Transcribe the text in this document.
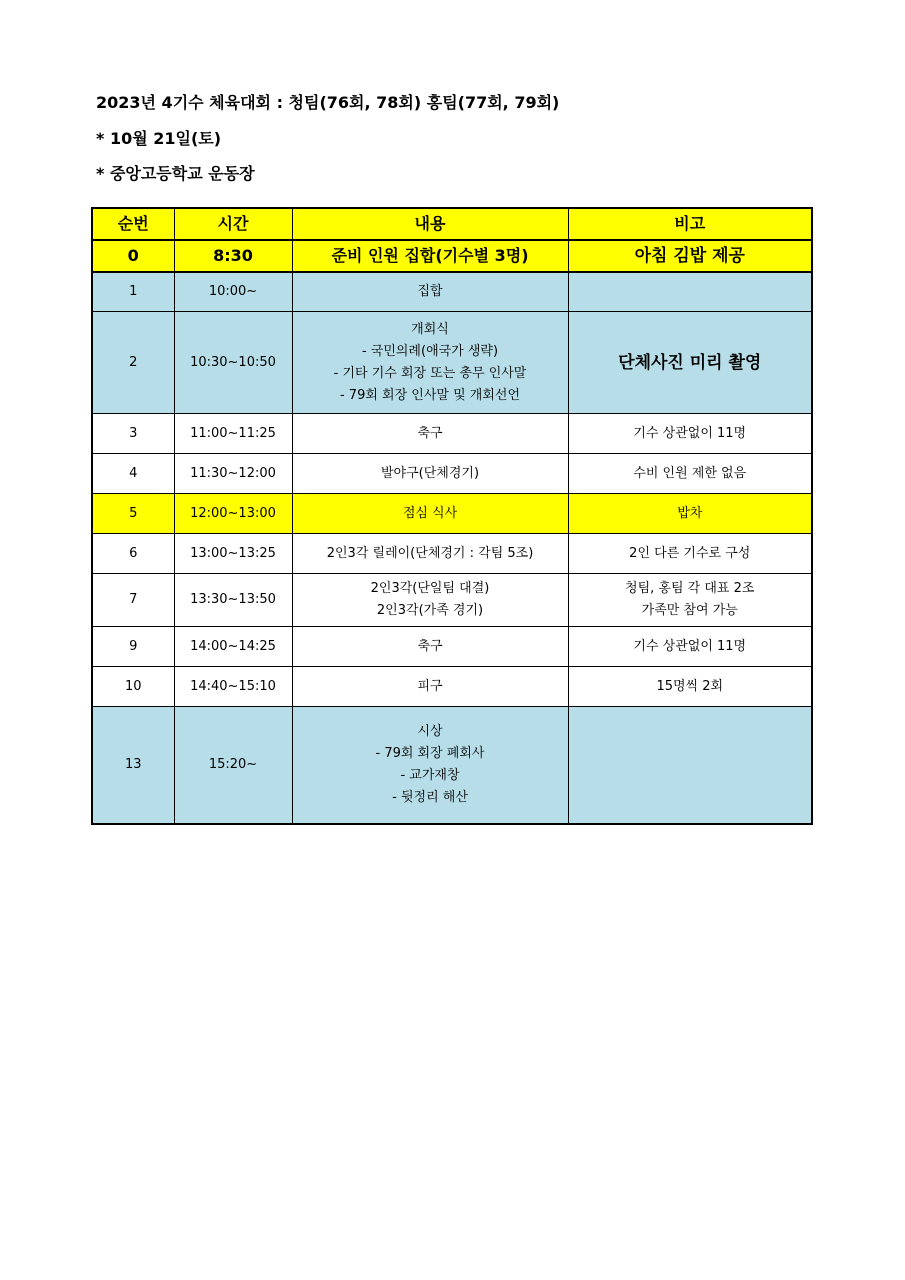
2023년 4기수 체육대회 : 청팀(76회, 78회) 홍팀(77회, 79회)
* 10월 21일(토)
* 중앙고등학교 운동장
순번	시간	내용	비고
0	8:30	준비 인원 집합(기수별 3명)	아침 김밥 제공

1	10:00~	집합	

2	10:30~10:50	개회식
- 국민의례(애국가 생략)
- 기타 기수 회장 또는 총무 인사말
- 79회 회장 인사말 및 개회선언	단체사진 미리 촬영

3	11:00~11:25	축구	기수 상관없이 11명

4	11:30~12:00	발야구(단체경기)	수비 인원 제한 없음

5	12:00~13:00	점심 식사	밥차

6	13:00~13:25	2인3각 릴레이(단체경기 : 각팀 5조)	2인 다른 기수로 구성

7	13:30~13:50	2인3각(단일팀 대결)
2인3각(가족 경기)	청팀, 홍팀 각 대표 2조
가족만 참여 가능

9	14:00~14:25	축구	기수 상관없이 11명

10	14:40~15:10	피구	15명씩 2회

13	15:20~	시상
- 79회 회장 폐회사
- 교가재창
- 뒷정리 해산	
